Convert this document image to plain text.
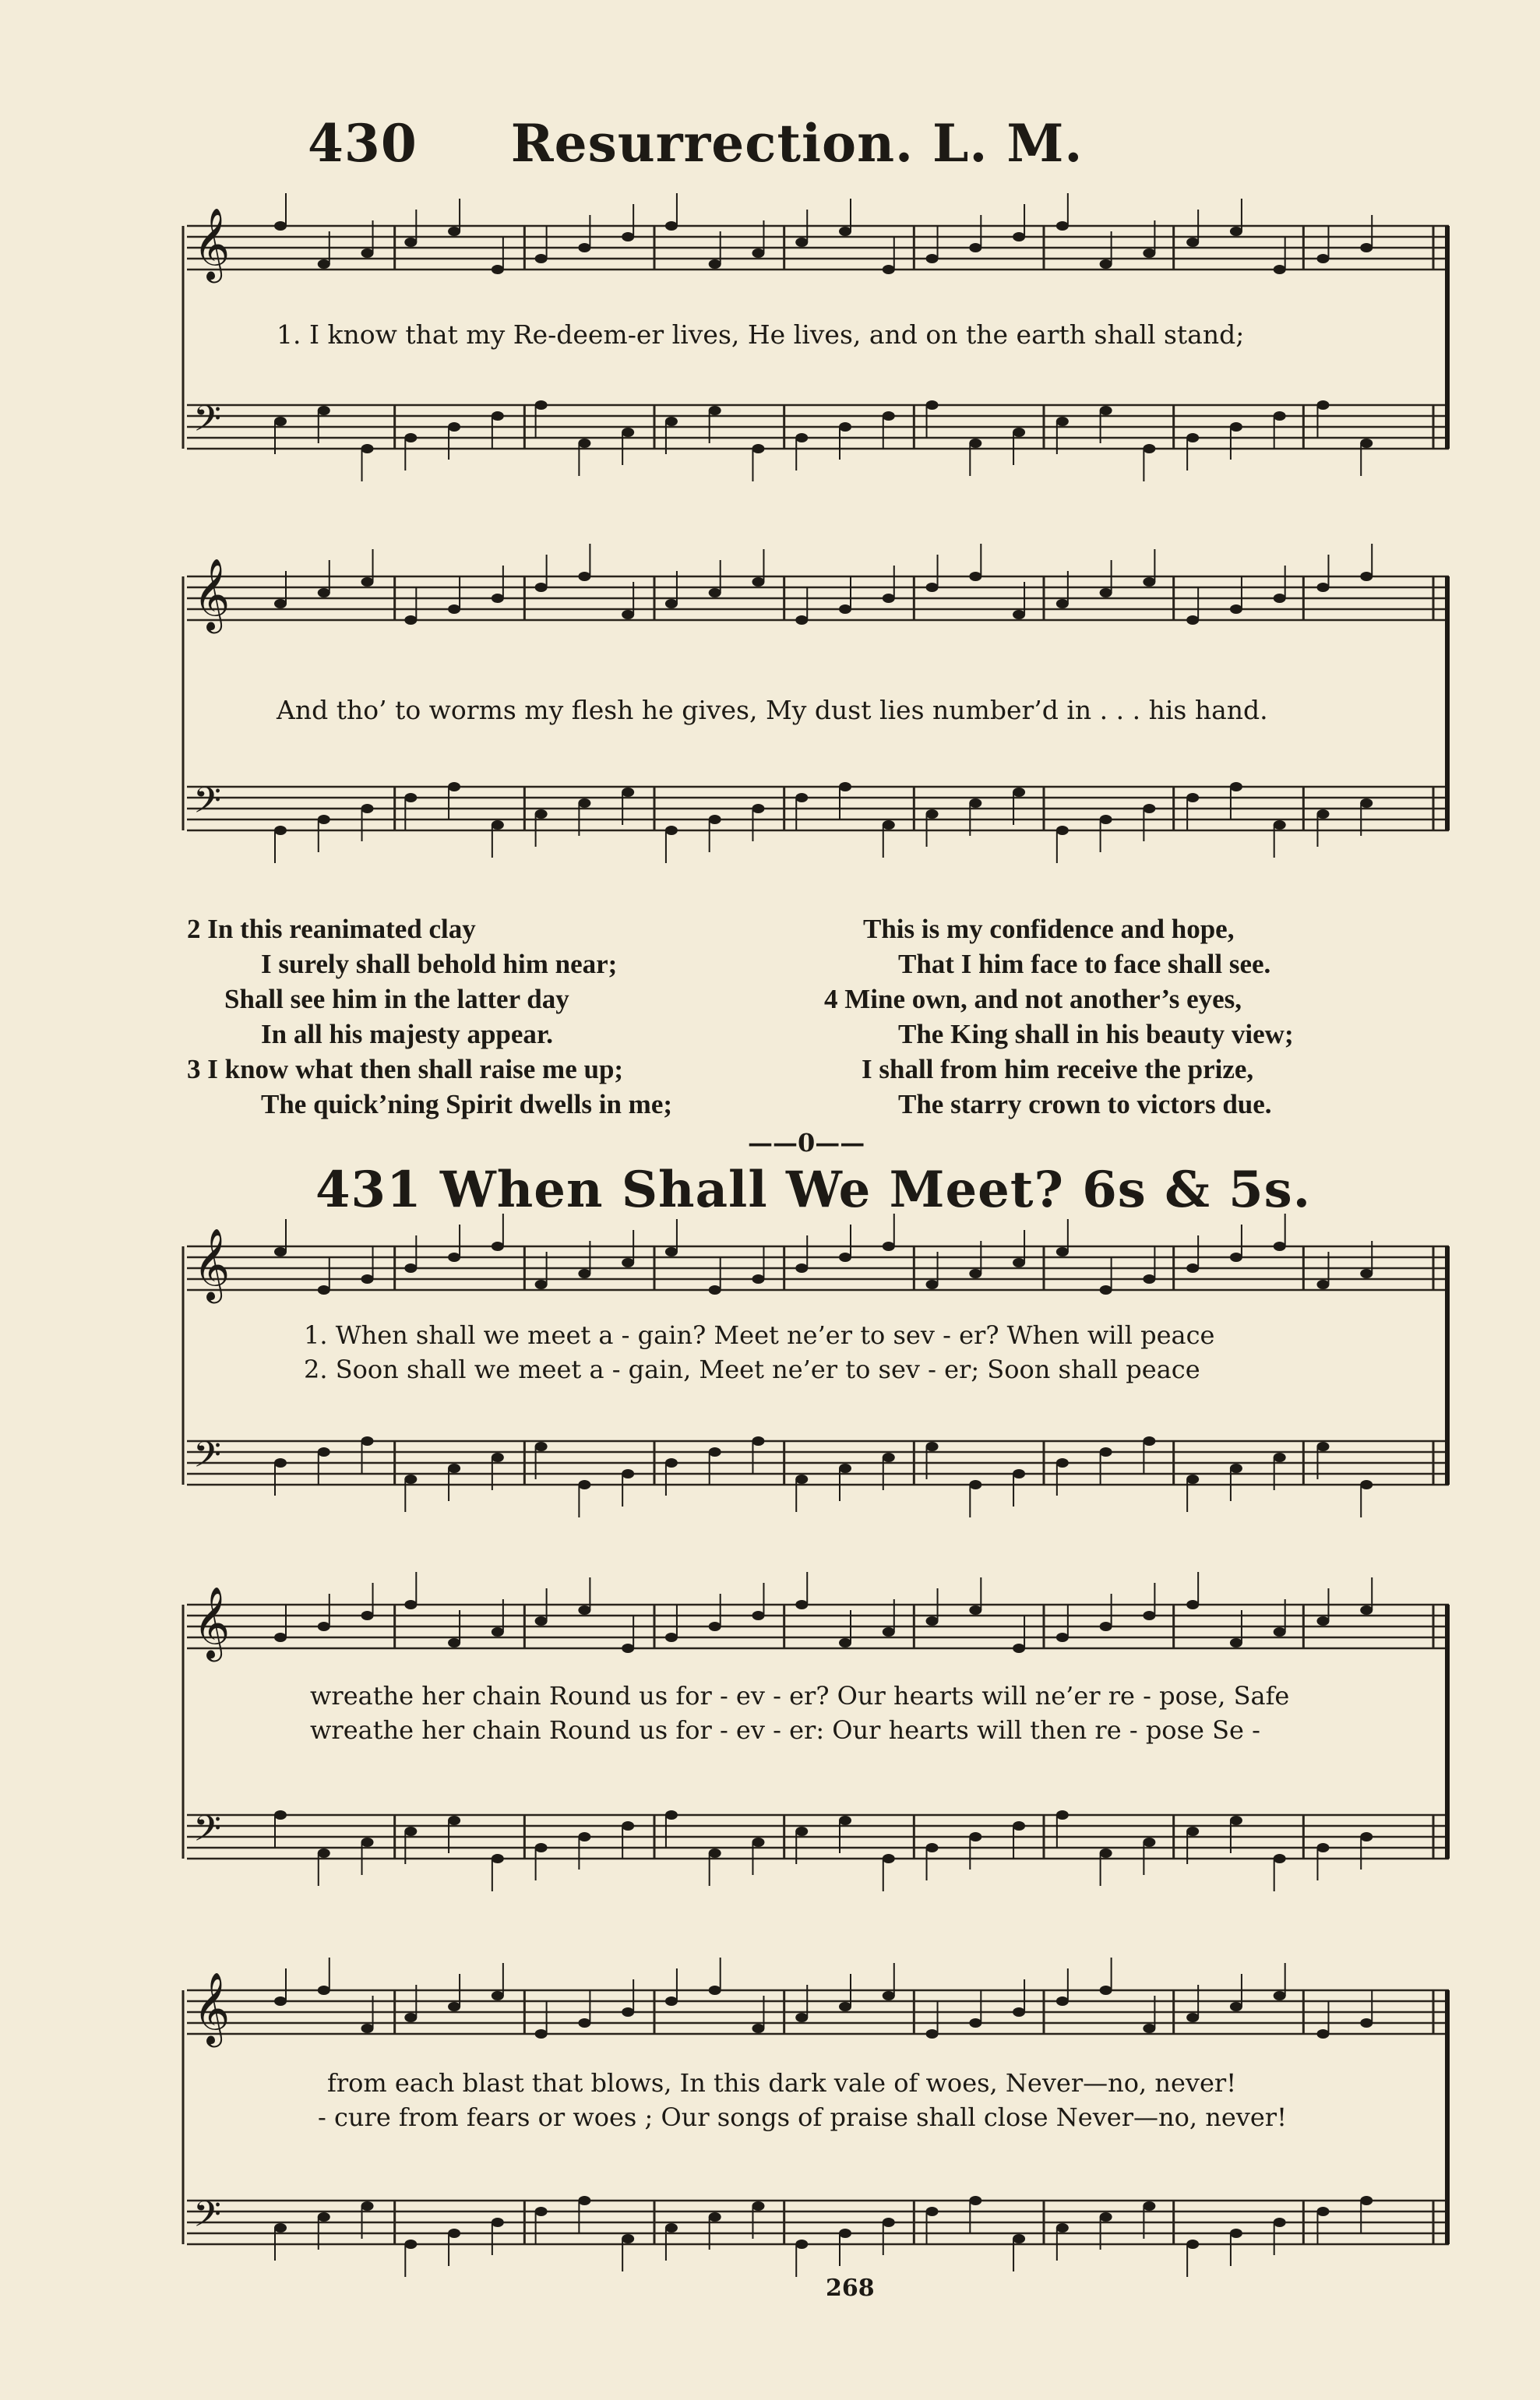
430 Resurrection. L. M.
𝄞
𝄢
1. I know that my Re-deem-er lives, He lives, and on the earth shall stand;
𝄞
𝄢
And tho’ to worms my flesh he gives, My dust lies number’d in . . . his hand.
2 In this reanimated clay
I surely shall behold him near;
Shall see him in the latter day
In all his majesty appear.
3 I know what then shall raise me up;
The quick’ning Spirit dwells in me;
This is my confidence and hope,
That I him face to face shall see.
4 Mine own, and not another’s eyes,
The King shall in his beauty view;
I shall from him receive the prize,
The starry crown to victors due.
——0——
431 When Shall We Meet? 6s & 5s.
𝄞
𝄢
1. When shall we meet a - gain? Meet ne’er to sev - er? When will peace
2. Soon shall we meet a - gain, Meet ne’er to sev - er; Soon shall peace
𝄞
𝄢
wreathe her chain Round us for - ev - er? Our hearts will ne’er re - pose, Safe
wreathe her chain Round us for - ev - er: Our hearts will then re - pose Se -
𝄞
𝄢
from each blast that blows, In this dark vale of woes, Never—no, never!
- cure from fears or woes ; Our songs of praise shall close Never—no, never!
268
